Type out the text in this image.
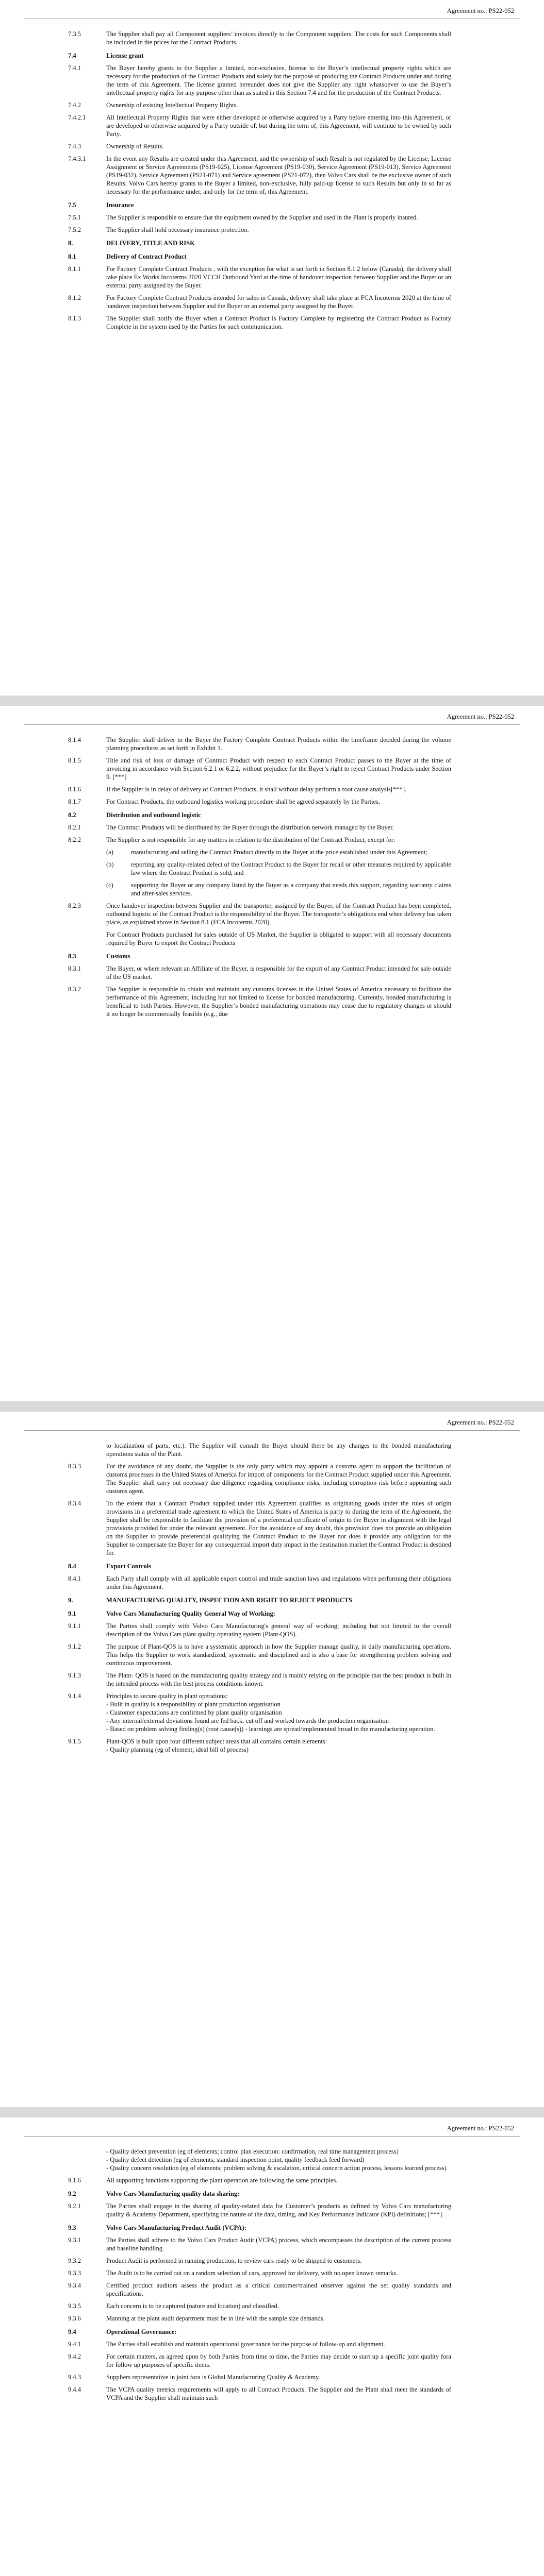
Agreement no.: PS22-052
7.3.5	The Supplier shall pay all Component suppliers’ invoices directly to the Component suppliers. The costs for such Components shall be included in the prices for the Contract Products.
7.4	License grant
7.4.1	The Buyer hereby grants to the Supplier a limited, non-exclusive, license to the Buyer’s intellectual property rights which are necessary for the production of the Contract Products and solely for the purpose of producing the Contract Products under and during the term of this Agreement. The license granted hereunder does not give the Supplier any right whatsoever to use the Buyer’s intellectual property rights for any purpose other than as stated in this Section 7.4 and for the production of the Contract Products.
7.4.2	Ownership of existing Intellectual Property Rights.
7.4.2.1	All Intellectual Property Rights that were either developed or otherwise acquired by a Party before entering into this Agreement, or are developed or otherwise acquired by a Party outside of, but during the term of, this Agreement, will continue to be owned by such Party.
7.4.3	Ownership of Results.
7.4.3.1	In the event any Results are created under this Agreement, and the ownership of such Result is not regulated by the License, License Assignment or Service Agreements (PS19-025), License Agreement (PS19-030), Service Agreement (PS19-013), Service Agreement (PS19-032), Service Agreement (PS21-071) and Service agreement (PS21-072), then Volvo Cars shall be the exclusive owner of such Results. Volvo Cars hereby grants to the Buyer a limited, non-exclusive, fully paid-up license to such Results but only in so far as necessary for the performance under, and only for the term of, this Agreement.
7.5	Insurance
7.5.1	The Supplier is responsible to ensure that the equipment owned by the Supplier and used in the Plant is properly insured.
7.5.2	The Supplier shall hold necessary insurance protection.
8.	DELIVERY, TITLE AND RISK
8.1	Delivery of Contract Product
8.1.1	For Factory Complete Contract Products , with the exception for what is set forth in Section 8.1.2 below (Canada), the delivery shall take place Ex Works Incoterms 2020 VCCH Outbound Yard at the time of handover inspection between Supplier and the Buyer or an external party assigned by the Buyer.
8.1.2	For Factory Complete Contract Products intended for sales in Canada, delivery shall take place at FCA Incoterms 2020 at the time of handover inspection between Supplier and the Buyer or an external party assigned by the Buyer.
8.1.3	The Supplier shall notify the Buyer when a Contract Product is Factory Complete by registering the Contract Product as Factory Complete in the system used by the Parties for such communication.
Agreement no.: PS22-052
8.1.4	The Supplier shall deliver to the Buyer the Factory Complete Contract Products within the timeframe decided during the volume planning procedures as set forth in Exhibit 1.
8.1.5	Title and risk of loss or damage of Contract Product with respect to each Contract Product passes to the Buyer at the time of invoicing in accordance with Section 6.2.1 or 6.2.2, without prejudice for the Buyer’s right to reject Contract Products under Section 9. [***]
8.1.6	If the Supplier is in delay of delivery of Contract Products, it shall without delay perform a root cause analysis[***].
8.1.7	For Contract Products, the outbound logistics working procedure shall be agreed separately by the Parties.
8.2	Distribution and outbound logistic
8.2.1	The Contract Products will be distributed by the Buyer through the distribution network managed by the Buyer.
8.2.2	The Supplier is not responsible for any matters in relation to the distribution of the Contract Product, except for:
(a)	manufacturing and selling the Contract Product directly to the Buyer at the price established under this Agreement;
(b)	reporting any quality-related defect of the Contract Product to the Buyer for recall or other measures required by applicable law where the Contract Product is sold; and
(c)	supporting the Buyer or any company listed by the Buyer as a company that needs this support, regarding warranty claims and after-sales services.
8.2.3	Once handover inspection between Supplier and the transporter, assigned by the Buyer, of the Contract Product has been completed, outbound logistic of the Contract Product is the responsibility of the Buyer. The transporter’s obligations end when delivery has taken place, as explained above in Section 8.1 (FCA Incoterms 2020).
For Contract Products purchased for sales outside of US Market, the Supplier is obligated to support with all necessary documents required by Buyer to export the Contract Products
8.3	Customs
8.3.1	The Buyer, or where relevant an Affiliate of the Buyer, is responsible for the export of any Contract Product intended for sale outside of the US market.
8.3.2	The Supplier is responsible to obtain and maintain any customs licenses in the United States of America necessary to facilitate the performance of this Agreement, including but not limited to license for bonded manufacturing. Currently, bonded manufacturing is beneficial to both Parties. However, the Supplier’s bonded manufacturing operations may cease due to regulatory changes or should it no longer be commercially feasible (e.g., due
Agreement no.: PS22-052
to localization of parts, etc.). The Supplier will consult the Buyer should there be any changes to the bonded manufacturing operations status of the Plant.
8.3.3	For the avoidance of any doubt, the Supplier is the only party which may appoint a customs agent to support the facilitation of customs processes in the United States of America for import of components for the Contract Product supplied under this Agreement. The Supplier shall carry out necessary due diligence regarding compliance risks, including corruption risk before appointing such customs agent.
8.3.4	To the extent that a Contract Product supplied under this Agreement qualifies as originating goods under the rules of origin provisions in a preferential trade agreement to which the United States of America is party to during the term of the Agreement, the Supplier shall be responsible to facilitate the provision of a preferential certificate of origin to the Buyer in alignment with the legal provisions provided for under the relevant agreement. For the avoidance of any doubt, this provision does not provide an obligation on the Supplier to provide preferential qualifying the Contract Product to the Buyer nor does it provide any obligation for the Supplier to compensate the Buyer for any consequential import duty impact in the destination market the Contract Product is destined for.
8.4	Export Controls
8.4.1	Each Party shall comply with all applicable export control and trade sanction laws and regulations when performing their obligations under this Agreement.
9.	MANUFACTURING QUALITY, INSPECTION AND RIGHT TO REJECT PRODUCTS
9.1	Volvo Cars Manufacturing Quality General Way of Working:
9.1.1	The Parties shall comply with Volvo Cars Manufacturing's general way of working; including but not limited to the overall description of the Volvo Cars plant quality operating system (Plant-QOS).
9.1.2	The purpose of Plant-QOS is to have a systematic approach in how the Supplier manage quality, in daily manufacturing operations. This helps the Supplier to work standardized, systematic and disciplined and is also a base for strengthening problem solving and continuous improvement.
9.1.3	The Plant- QOS is based on the manufacturing quality strategy and is mainly relying on the principle that the best product is built in the intended process with the best process conditions known.
9.1.4	Principles to secure quality in plant operations:
- Built in quality is a responsibility of plant production organisation
- Customer expectations are confirmed by plant quality organisation
- Any internal/external deviations found are fed back, cut off and worked towards the production organisation
- Based on problem solving finding(s) (root cause(s)) - learnings are spread/implemented broad in the manufacturing operation.
9.1.5	Plant-QOS is built upon four different subject areas that all contains certain elements:
- Quality planning (eg of element; ideal bill of process)
Agreement no.: PS22-052
- Quality defect prevention (eg of elements; control plan execution: confirmation, real time management process)
- Quality defect detection (eg of elements; standard inspection point, quality feedback feed forward)
- Quality concern resolution (eg of elements; problem solving & escalation, critical concern action process, lessons learned process)
9.1.6	All supporting functions supporting the plant operation are following the same principles.
9.2	Volvo Cars Manufacturing quality data sharing:
9.2.1	The Parties shall engage in the sharing of quality-related data for Customer’s products as defined by Volvo Cars manufacturing quality & Academy Department, specifying the nature of the data, timing, and Key Performance Indicator (KPI) definitions; [***].
9.3	Volvo Cars Manufacturing Product Audit (VCPA):
9.3.1	The Parties shall adhere to the Volvo Cars Product Audit (VCPA) process, which encompasses the description of the current process and baseline handling.
9.3.2	Product Audit is performed in running production, to review cars ready to be shipped to customers.
9.3.3	The Audit is to be carried out on a random selection of cars, approved for delivery, with no open known remarks.
9.3.4	Certified product auditors assess the product as a critical customer/trained observer against the set quality standards and specifications.
9.3.5	Each concern is to be captured (nature and location) and classified.
9.3.6	Manning at the plant audit department must be in line with the sample size demands.
9.4	Operational Governance:
9.4.1	The Parties shall establish and maintain operational governance for the purpose of follow-up and alignment.
9.4.2	For certain matters, as agreed upon by both Parties from time to time, the Parties may decide to start up a specific joint quality fora for follow up purposes of specific items.
9.4.3	Suppliers representative in joint fora is Global Manufacturing Quality & Academy.
9.4.4	The VCPA quality metrics requirements will apply to all Contract Products. The Supplier and the Plant shall meet the standards of VCPA and the Supplier shall maintain such
